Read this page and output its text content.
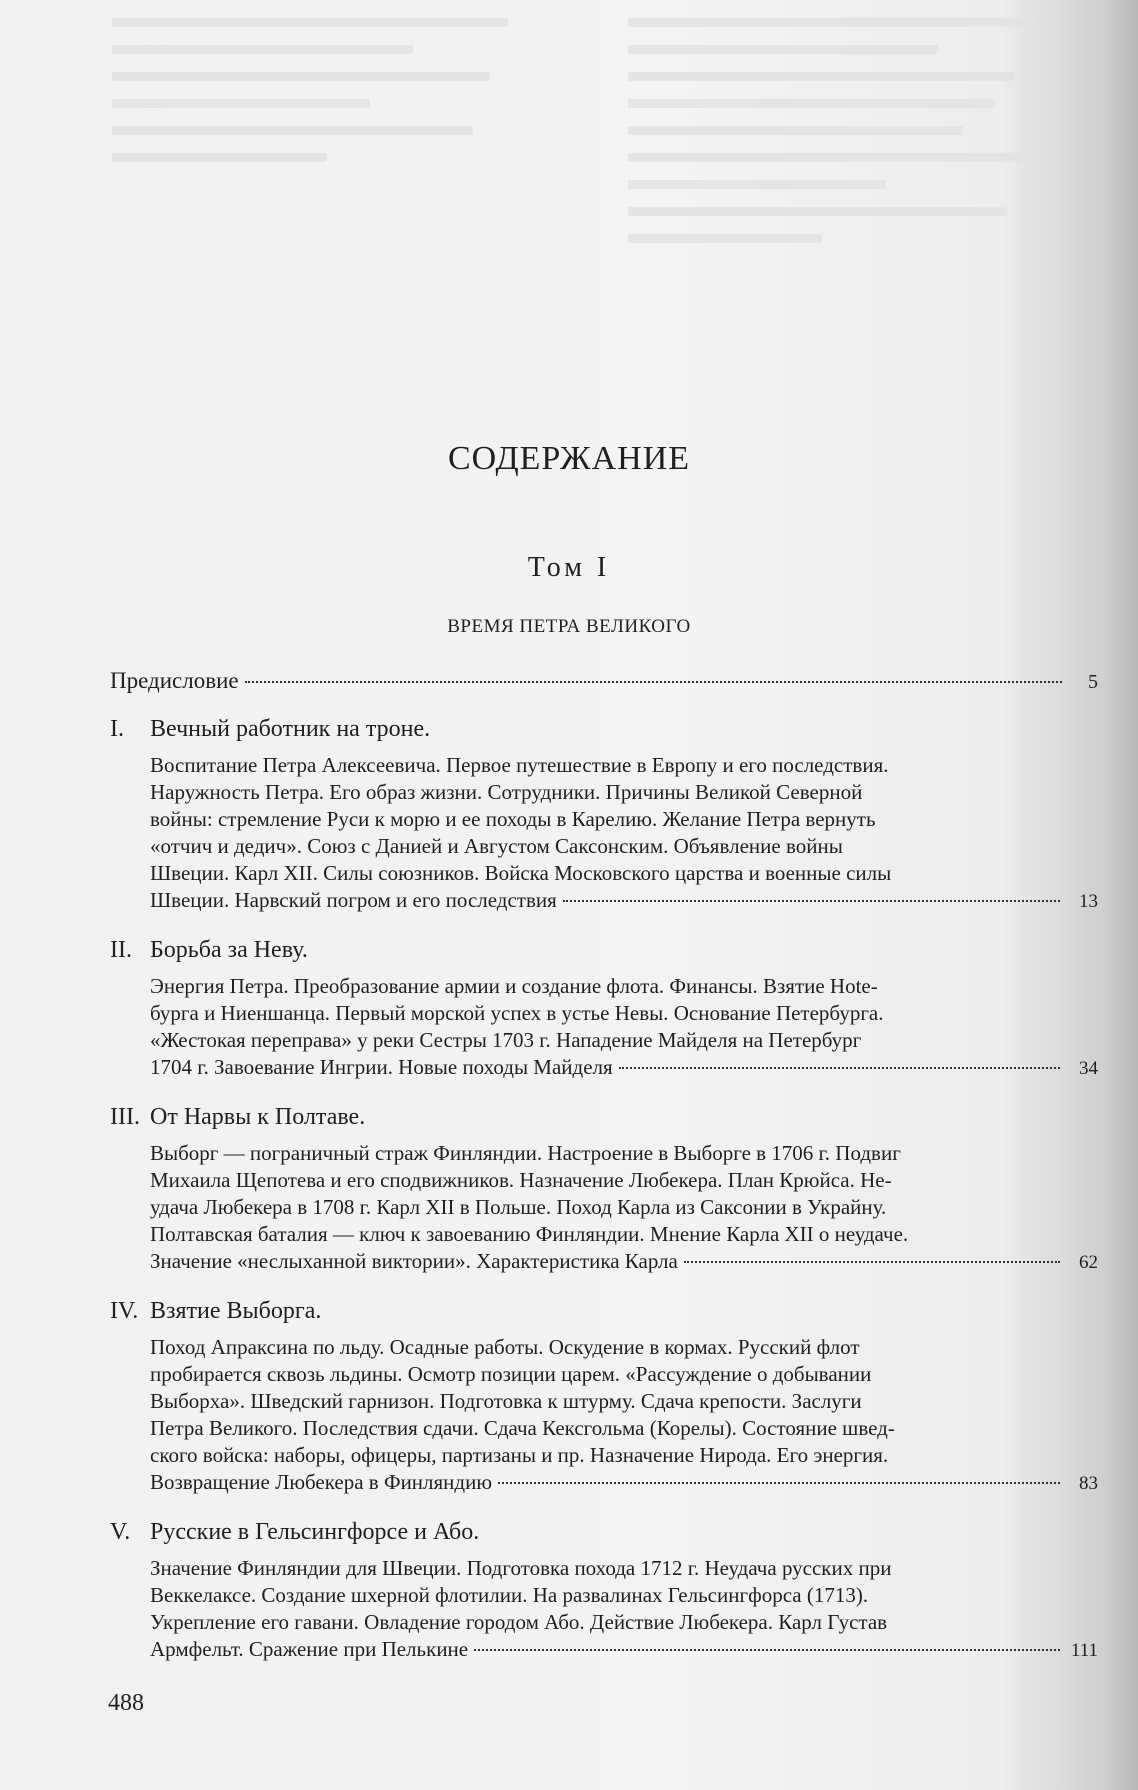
СОДЕРЖАНИЕ
Том I
ВРЕМЯ ПЕТРА ВЕЛИКОГО
Предисловие	5
I.	Вечный работник на троне.
Воспитание Петра Алексеевича. Первое путешествие в Европу и его последствия.
Наружность Петра. Его образ жизни. Сотрудники. Причины Великой Северной
войны: стремление Руси к морю и ее походы в Карелию. Желание Петра вернуть
«отчич и дедич». Союз с Данией и Августом Саксонским. Объявление войны
Швеции. Карл XII. Силы союзников. Войска Московского царства и военные силы
Швеции. Нарвский погром и его последствия	13
II. Борьба за Неву.
Энергия Петра. Преобразование армии и создание флота. Финансы. Взятие Нote-
бурга и Ниеншанца. Первый морской успех в устье Невы. Основание Петербурга.
«Жестокая переправа» у реки Сестры 1703 г. Нападение Майделя на Петербург
1704 г. Завоевание Ингрии. Новые походы Майделя	34
III. От Нарвы к Полтаве.
Выборг — пограничный страж Финляндии. Настроение в Выборге в 1706 г. Подвиг
Михаила Щепотева и его сподвижников. Назначение Любекера. План Крюйса. Не-
удача Любекера в 1708 г. Карл XII в Польше. Поход Карла из Саксонии в Украйну.
Полтавская баталия — ключ к завоеванию Финляндии. Мнение Карла XII о неудаче.
Значение «неслыханной виктории». Характеристика Карла	62
IV. Взятие Выборга.
Поход Апраксина по льду. Осадные работы. Оскудение в кормах. Русский флот
пробирается сквозь льдины. Осмотр позиции царем. «Рассуждение о добывании
Выборха». Шведский гарнизон. Подготовка к штурму. Сдача крепости. Заслуги
Петра Великого. Последствия сдачи. Сдача Кексгольма (Корелы). Состояние швед-
ского войска: наборы, офицеры, партизаны и пр. Назначение Нирода. Его энергия.
Возвращение Любекера в Финляндию	83
V. Русские в Гельсингфорсе и Або.
Значение Финляндии для Швеции. Подготовка похода 1712 г. Неудача русских при
Веккелаксе. Создание шхерной флотилии. На развалинах Гельсингфорса (1713).
Укрепление его гавани. Овладение городом Або. Действие Любекера. Карл Густав
Армфельт. Сражение при Пелькине	111
488
